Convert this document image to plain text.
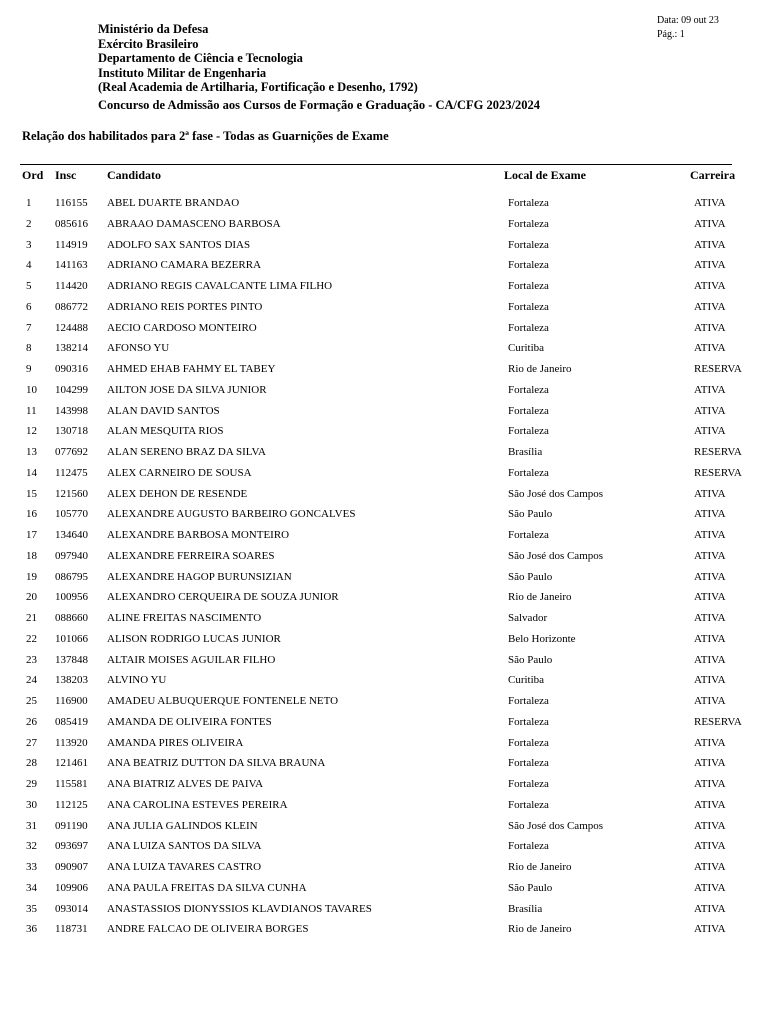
Data: 09 out 23
Pág.: 1
Ministério da Defesa
Exército Brasileiro
Departamento de Ciência e Tecnologia
Instituto Militar de Engenharia
(Real Academia de Artilharia, Fortificação e Desenho, 1792)
Concurso de Admissão aos Cursos de Formação e Graduação - CA/CFG 2023/2024
Relação dos habilitados para 2ª fase - Todas as Guarnições de Exame
Ord Insc	Candidato	Local de Exame	Carreira
1 116155 ABEL DUARTE BRANDAO	Fortaleza	ATIVA
2 085616 ABRAAO DAMASCENO BARBOSA	Fortaleza	ATIVA
3 114919 ADOLFO SAX SANTOS DIAS	Fortaleza	ATIVA
4 141163 ADRIANO CAMARA BEZERRA	Fortaleza	ATIVA
5 114420 ADRIANO REGIS CAVALCANTE LIMA FILHO	Fortaleza	ATIVA
6 086772 ADRIANO REIS PORTES PINTO	Fortaleza	ATIVA
7 124488 AECIO CARDOSO MONTEIRO	Fortaleza	ATIVA
8 138214 AFONSO YU	Curitiba	ATIVA
9 090316 AHMED EHAB FAHMY EL TABEY	Rio de Janeiro	RESERVA
10 104299 AILTON JOSE DA SILVA JUNIOR	Fortaleza	ATIVA
11 143998 ALAN DAVID SANTOS	Fortaleza	ATIVA
12 130718 ALAN MESQUITA RIOS	Fortaleza	ATIVA
13 077692 ALAN SERENO BRAZ DA SILVA	Brasília	RESERVA
14 112475 ALEX CARNEIRO DE SOUSA	Fortaleza	RESERVA
15 121560 ALEX DEHON DE RESENDE	São José dos Campos	ATIVA
16 105770 ALEXANDRE AUGUSTO BARBEIRO GONCALVES	São Paulo	ATIVA
17 134640 ALEXANDRE BARBOSA MONTEIRO	Fortaleza	ATIVA
18 097940 ALEXANDRE FERREIRA SOARES	São José dos Campos	ATIVA
19 086795 ALEXANDRE HAGOP BURUNSIZIAN	São Paulo	ATIVA
20 100956 ALEXANDRO CERQUEIRA DE SOUZA JUNIOR	Rio de Janeiro	ATIVA
21 088660 ALINE FREITAS NASCIMENTO	Salvador	ATIVA
22 101066 ALISON RODRIGO LUCAS JUNIOR	Belo Horizonte	ATIVA
23 137848 ALTAIR MOISES AGUILAR FILHO	São Paulo	ATIVA
24 138203 ALVINO YU	Curitiba	ATIVA
25 116900 AMADEU ALBUQUERQUE FONTENELE NETO	Fortaleza	ATIVA
26 085419 AMANDA DE OLIVEIRA FONTES	Fortaleza	RESERVA
27 113920 AMANDA PIRES OLIVEIRA	Fortaleza	ATIVA
28 121461 ANA BEATRIZ DUTTON DA SILVA BRAUNA	Fortaleza	ATIVA
29 115581 ANA BIATRIZ ALVES DE PAIVA	Fortaleza	ATIVA
30 112125 ANA CAROLINA ESTEVES PEREIRA	Fortaleza	ATIVA
31 091190 ANA JULIA GALINDOS KLEIN	São José dos Campos	ATIVA
32 093697 ANA LUIZA SANTOS DA SILVA	Fortaleza	ATIVA
33 090907 ANA LUIZA TAVARES CASTRO	Rio de Janeiro	ATIVA
34 109906 ANA PAULA FREITAS DA SILVA CUNHA	São Paulo	ATIVA
35 093014 ANASTASSIOS DIONYSSIOS KLAVDIANOS TAVARES	Brasília	ATIVA
36 118731 ANDRE FALCAO DE OLIVEIRA BORGES	Rio de Janeiro	ATIVA
